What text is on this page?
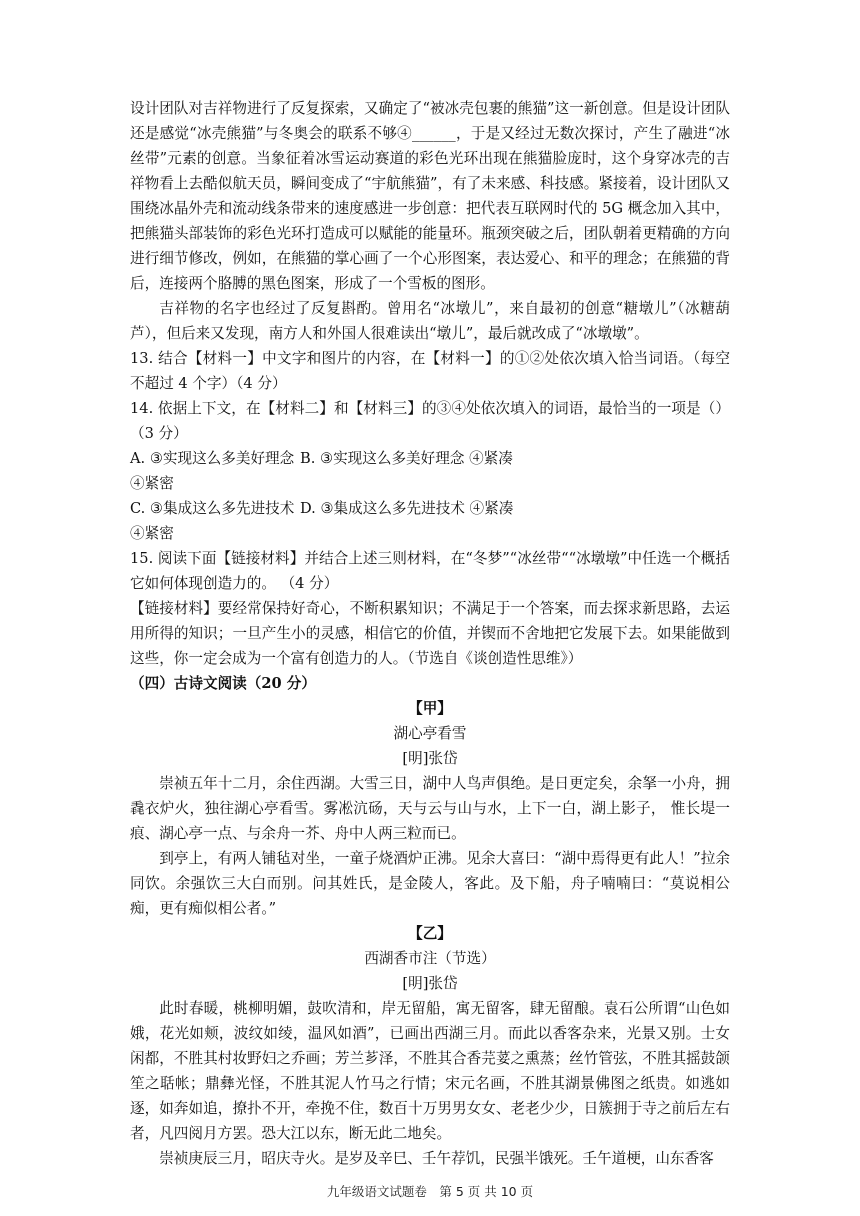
设计团队对吉祥物进行了反复探索，又确定了“被冰壳包裹的熊猫”这一新创意。但是设计团队还是感觉“冰壳熊猫”与冬奥会的联系不够④______，于是又经过无数次探讨，产生了融进“冰丝带”元素的创意。当象征着冰雪运动赛道的彩色光环出现在熊猫脸庞时，这个身穿冰壳的吉祥物看上去酷似航天员，瞬间变成了“宇航熊猫”，有了未来感、科技感。紧接着，设计团队又围绕冰晶外壳和流动线条带来的速度感进一步创意：把代表互联网时代的 5G 概念加入其中，把熊猫头部装饰的彩色光环打造成可以赋能的能量环。瓶颈突破之后，团队朝着更精确的方向进行细节修改，例如，在熊猫的掌心画了一个心形图案，表达爱心、和平的理念；在熊猫的背后，连接两个胳膊的黑色图案，形成了一个雪板的图形。

吉祥物的名字也经过了反复斟酌。曾用名“冰墩儿”，来自最初的创意“糖墩儿”（冰糖葫芦），但后来又发现，南方人和外国人很难读出“墩儿”，最后就改成了“冰墩墩”。

13. 结合【材料一】中文字和图片的内容，在【材料一】的①②处依次填入恰当词语。（每空不超过 4 个字）（4 分）

14. 依据上下文，在【材料二】和【材料三】的③④处依次填入的词语，最恰当的一项是（）（3 分）

A. ③实现这么多美好理念 ④紧密
B. ③实现这么多美好理念 ④紧凑
C. ③集成这么多先进技术 ④紧密
D. ③集成这么多先进技术 ④紧凑

15. 阅读下面【链接材料】并结合上述三则材料，在“冬梦”“冰丝带““冰墩墩”中任选一个概括它如何体现创造力的。 （4 分）

【链接材料】要经常保持好奇心，不断积累知识；不满足于一个答案，而去探求新思路，去运用所得的知识；一旦产生小的灵感，相信它的价值，并锲而不舍地把它发展下去。如果能做到这些，你一定会成为一个富有创造力的人。（节选自《谈创造性思维》）

（四）古诗文阅读（20 分）

【甲】

湖心亭看雪

[明]张岱

崇祯五年十二月，余住西湖。大雪三日，湖中人鸟声俱绝。是日更定矣，余拏一小舟，拥毳衣炉火，独往湖心亭看雪。雾凇沆砀，天与云与山与水，上下一白，湖上影子， 惟长堤一痕、湖心亭一点、与余舟一芥、舟中人两三粒而已。

到亭上，有两人铺毡对坐，一童子烧酒炉正沸。见余大喜曰：“湖中焉得更有此人！”拉余同饮。余强饮三大白而别。问其姓氏，是金陵人，客此。及下船，舟子喃喃曰：“莫说相公痴，更有痴似相公者。”

【乙】

西湖香市注（节选）

[明]张岱

此时春暖，桃柳明媚，鼓吹清和，岸无留船，寓无留客，肆无留酿。袁石公所谓“山色如娥，花光如颊，波纹如绫，温风如酒”，已画出西湖三月。而此以香客杂来，光景又别。士女闲都，不胜其村妆野妇之乔画；芳兰芗泽，不胜其合香芫荽之熏蒸；丝竹管弦，不胜其摇鼓颌笙之聒帐；鼎彝光怪，不胜其泥人竹马之行情；宋元名画，不胜其湖景佛图之纸贵。如逃如逐，如奔如追，撩扑不开，牵挽不住，数百十万男男女女、老老少少，日簇拥于寺之前后左右者，凡四阅月方罢。恐大江以东，断无此二地矣。

崇祯庚辰三月，昭庆寺火。是岁及辛巳、壬午荐饥，民强半饿死。壬午道梗，山东香客

九年级语文试题卷　第 5 页 共 10 页
